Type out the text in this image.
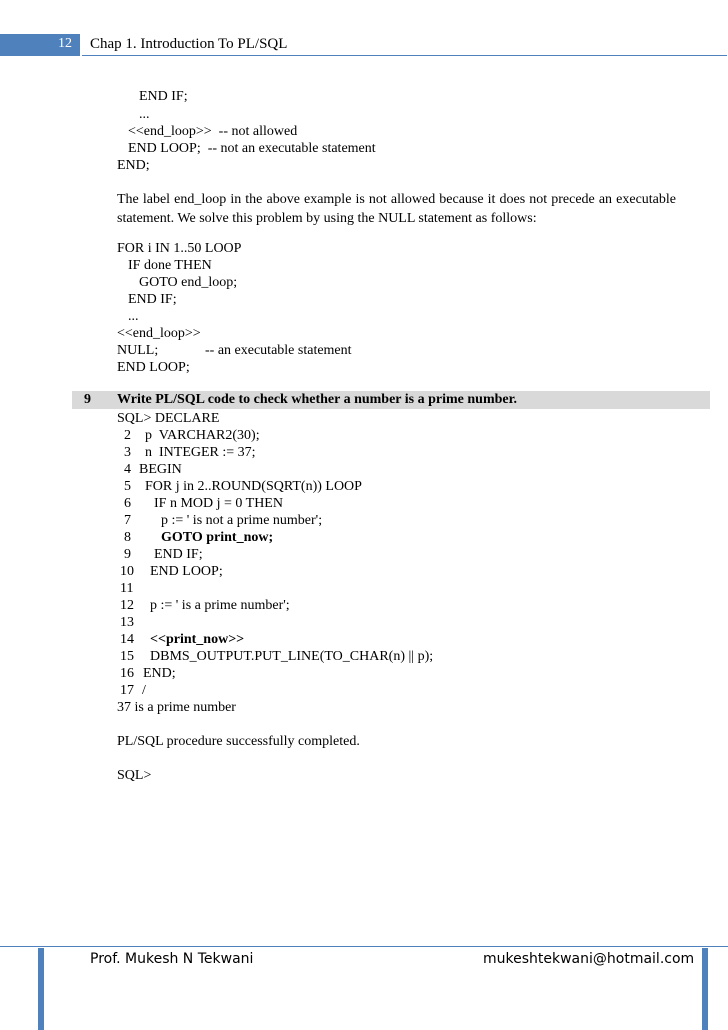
12 Chap 1. Introduction To PL/SQL
END IF;
...
<<end_loop>>  -- not allowed
END LOOP;  -- not an executable statement
END;
The label end_loop in the above example is not allowed because it does not precede an executable statement. We solve this problem by using the NULL statement as follows:
FOR i IN 1..50 LOOP
IF done THEN
GOTO end_loop;
END IF;
...
<<end_loop>>
NULL;	-- an executable statement
END LOOP;
9 Write PL/SQL code to check whether a number is a prime number.
SQL> DECLARE
2 p  VARCHAR2(30);
3 n  INTEGER := 37;
4 BEGIN
5 FOR j in 2..ROUND(SQRT(n)) LOOP
6 IF n MOD j = 0 THEN
7 p := ' is not a prime number';
8 GOTO print_now;
9 END IF;
10 END LOOP;
11
12 p := ' is a prime number';
13
14 <<print_now>>
15 DBMS_OUTPUT.PUT_LINE(TO_CHAR(n) || p);
16 END;
17 /
37 is a prime number
PL/SQL procedure successfully completed.
SQL>
Prof. Mukesh N Tekwani	mukeshtekwani@hotmail.com
